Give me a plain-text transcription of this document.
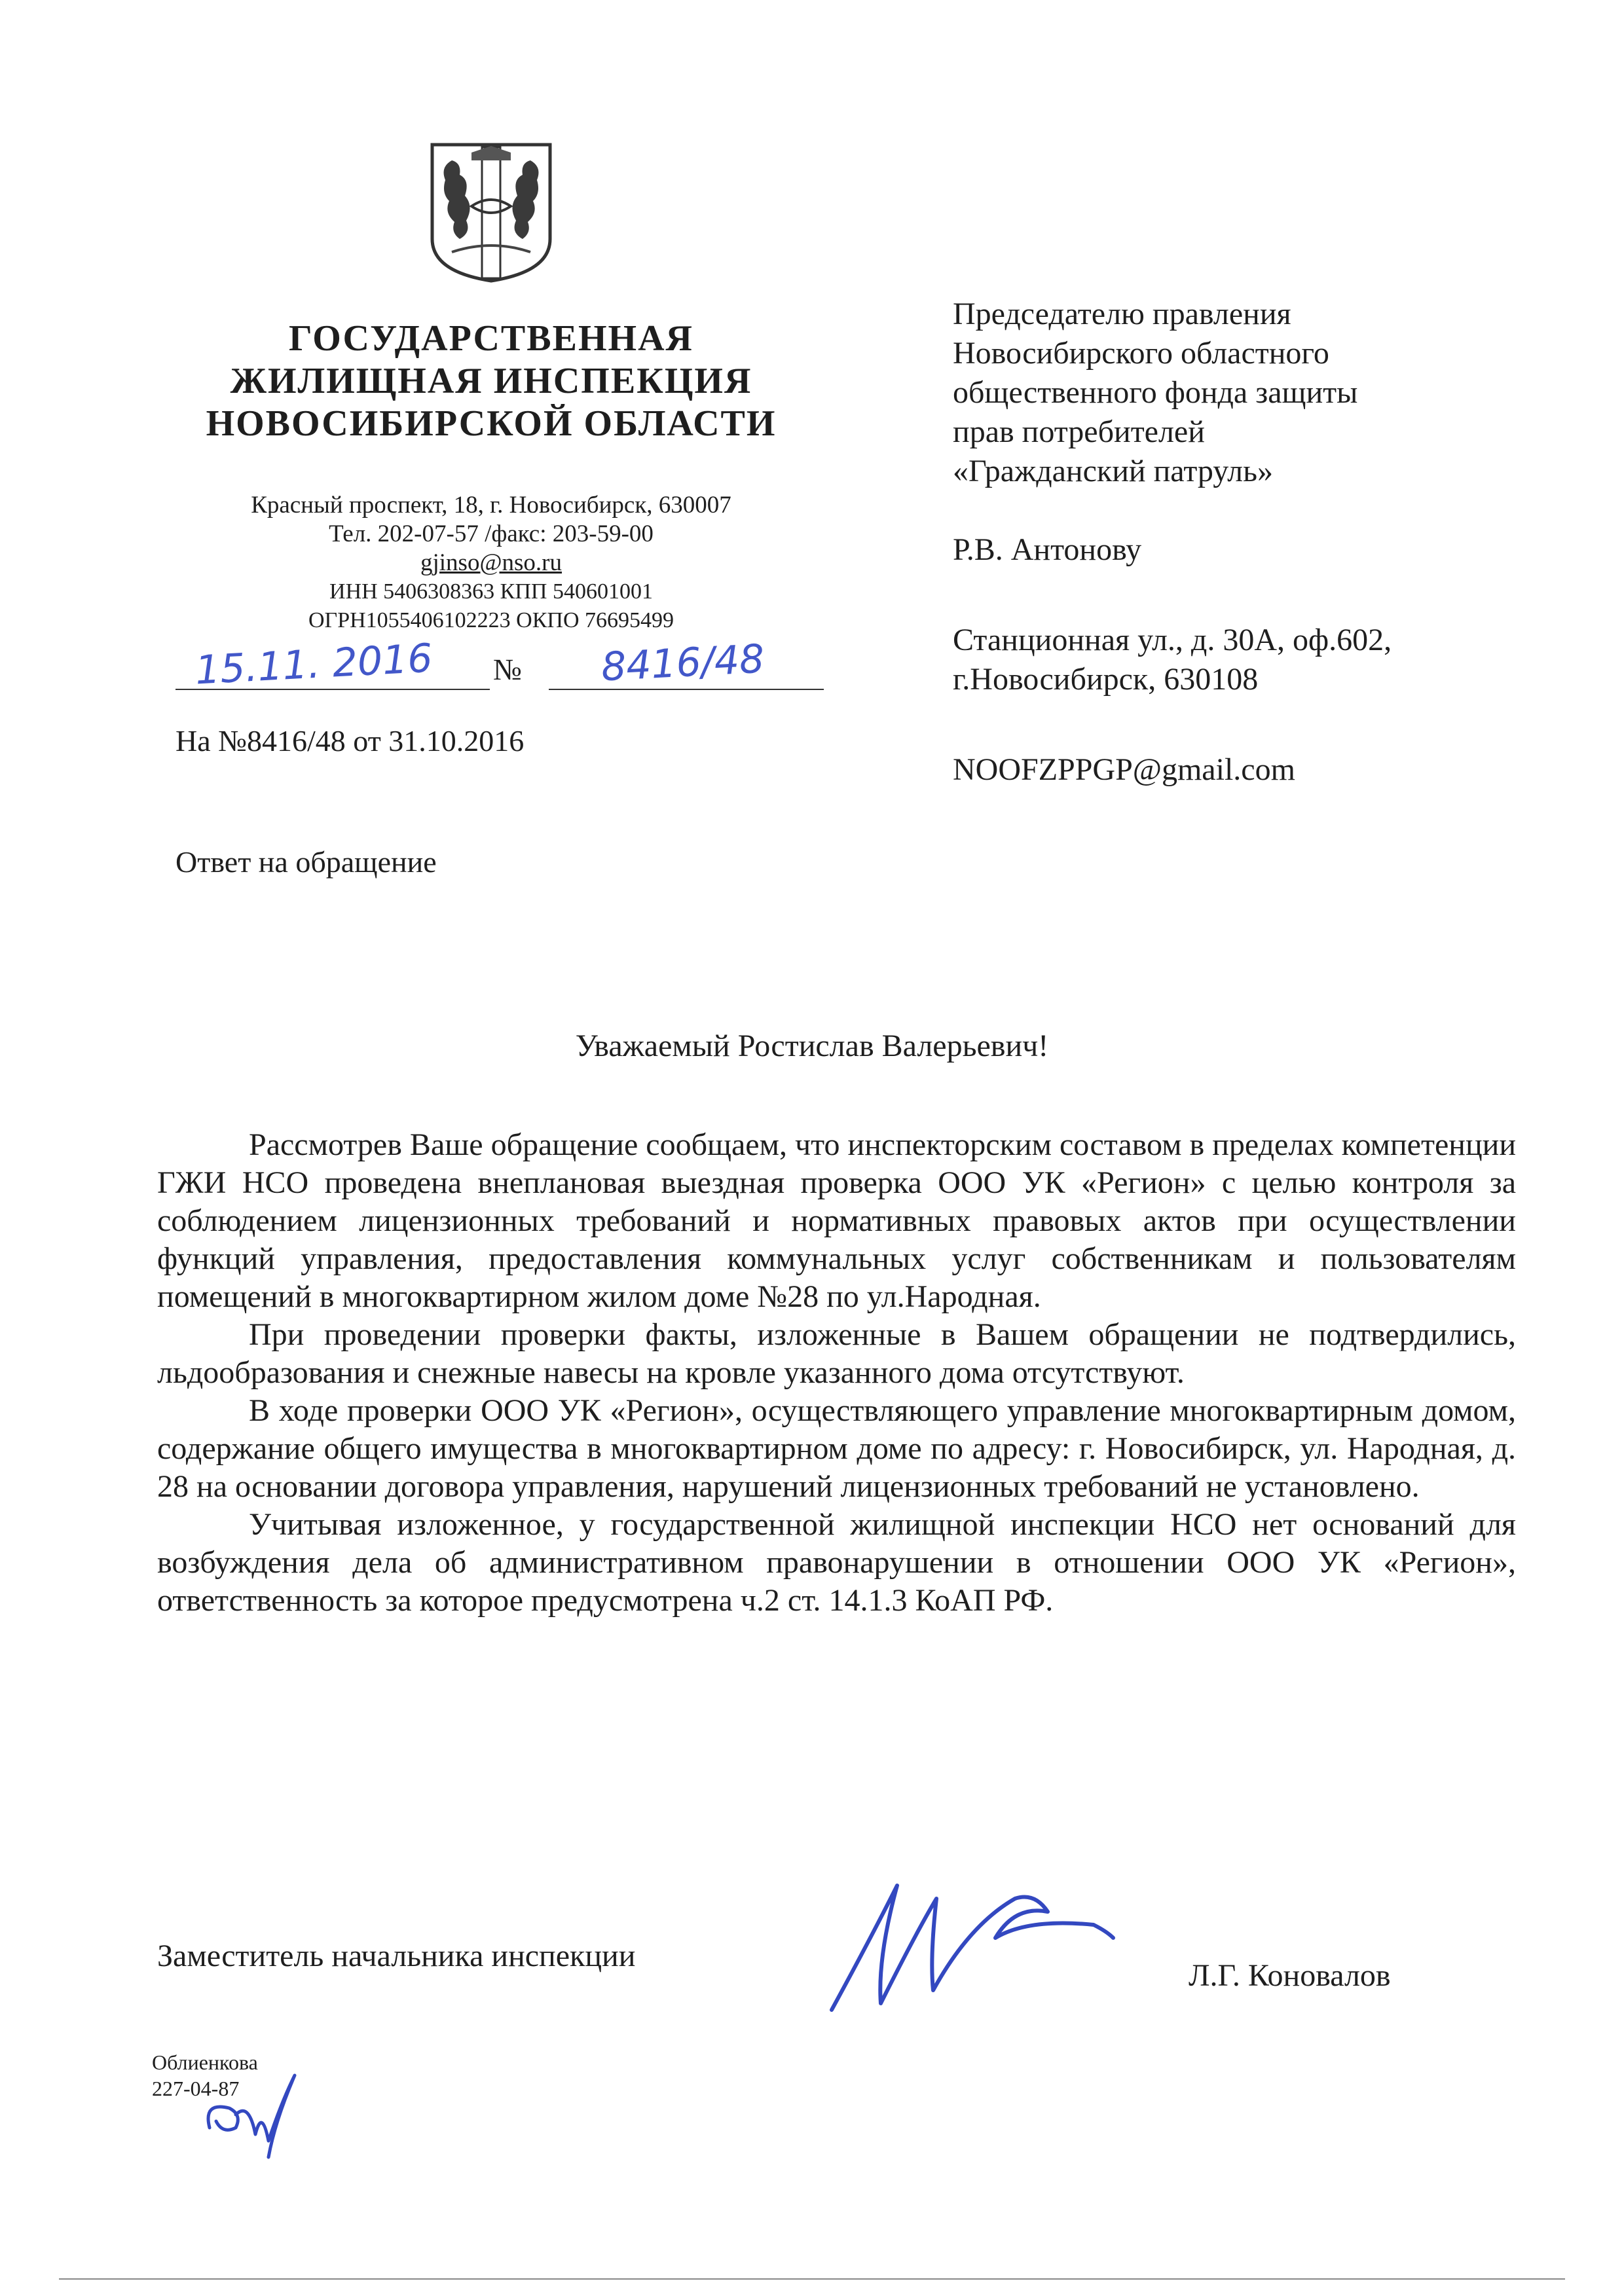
ГОСУДАРСТВЕННАЯ
ЖИЛИЩНАЯ ИНСПЕКЦИЯ
НОВОСИБИРСКОЙ ОБЛАСТИ
Красный проспект, 18, г. Новосибирск, 630007
Тел. 202-07-57 /факс: 203-59-00
gjinso@nso.ru
ИНН 5406308363 КПП 540601001
ОГРН1055406102223 ОКПО 76695499
15.11. 2016 № 8416/48
На №8416/48 от 31.10.2016
Ответ на обращение
Председателю правления
Новосибирского областного
общественного фонда защиты
прав потребителей
«Гражданский патруль»
Р.В. Антонову
Станционная ул., д. 30А, оф.602,
г.Новосибирск, 630108
NOOFZPPGP@gmail.com
Уважаемый Ростислав Валерьевич!

Рассмотрев Ваше обращение сообщаем, что инспекторским составом в пределах компетенции ГЖИ НСО проведена внеплановая выездная проверка ООО УК «Регион» с целью контроля за соблюдением лицензионных требований и нормативных правовых актов при осуществлении функций управления, предоставления коммунальных услуг собственникам и пользователям помещений в многоквартирном жилом доме №28 по ул.Народная.

При проведении проверки факты, изложенные в Вашем обращении не подтвердились, льдообразования и снежные навесы на кровле указанного дома отсутствуют.

В ходе проверки ООО УК «Регион», осуществляющего управление многоквартирным домом, содержание общего имущества в многоквартирном доме по адресу: г. Новосибирск, ул. Народная, д. 28 на основании договора управления, нарушений лицензионных требований не установлено.

Учитывая изложенное, у государственной жилищной инспекции НСО нет оснований для возбуждения дела об административном правонарушении в отношении ООО УК «Регион», ответственность за которое предусмотрена ч.2 ст. 14.1.3 КоАП РФ.

Заместитель начальника инспекции
Л.Г. Коновалов
Облиенкова
227-04-87
